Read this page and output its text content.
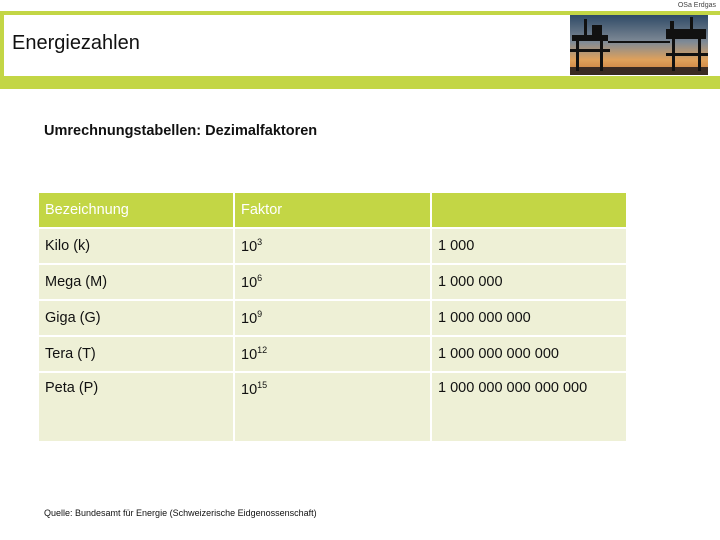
OSa Erdgas
Energiezahlen
Umrechnungstabellen: Dezimalfaktoren
Bezeichnung	Faktor	
Kilo (k)	$10^3$	1 000
Mega (M)	$10^6$	1 000 000
Giga (G)	$10^9$	1 000 000 000
Tera (T)	$10^{12}$	1 000 000 000 000
Peta (P)	$10^{15}$	1 000 000 000 000 000
Quelle: Bundesamt für Energie (Schweizerische Eidgenossenschaft)
